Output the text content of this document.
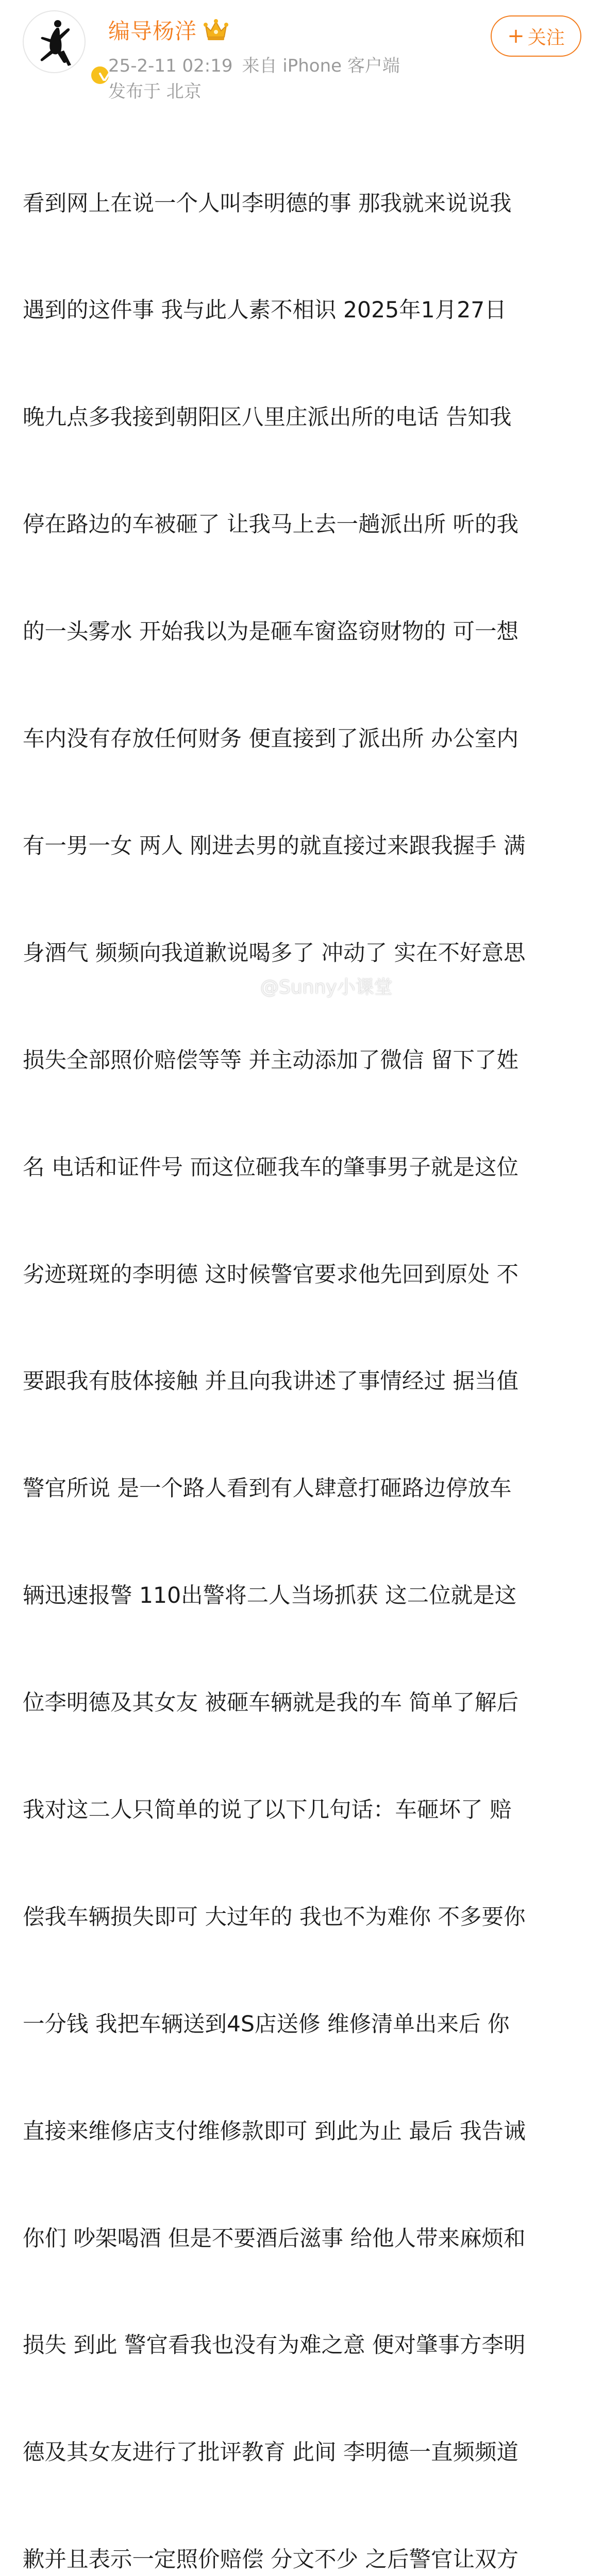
编导杨洋
25-2-11 02:19 来自 iPhone 客户端
发布于 北京
+ 关注

看到网上在说一个人叫李明德的事 那我就来说说我

遇到的这件事 我与此人素不相识 2025年1月27日

晚九点多我接到朝阳区八里庄派出所的电话 告知我

停在路边的车被砸了 让我马上去一趟派出所 听的我

的一头雾水 开始我以为是砸车窗盗窃财物的 可一想

车内没有存放任何财务 便直接到了派出所 办公室内

有一男一女 两人 刚进去男的就直接过来跟我握手 满

身酒气 频频向我道歉说喝多了 冲动了 实在不好意思

损失全部照价赔偿等等 并主动添加了微信 留下了姓

名 电话和证件号 而这位砸我车的肇事男子就是这位

劣迹斑斑的李明德 这时候警官要求他先回到原处 不

要跟我有肢体接触 并且向我讲述了事情经过 据当值

警官所说 是一个路人看到有人肆意打砸路边停放车

辆迅速报警 110出警将二人当场抓获 这二位就是这

位李明德及其女友 被砸车辆就是我的车 简单了解后

我对这二人只简单的说了以下几句话：车砸坏了 赔

偿我车辆损失即可 大过年的 我也不为难你 不多要你

一分钱 我把车辆送到4S店送修 维修清单出来后 你

直接来维修店支付维修款即可 到此为止 最后 我告诫

你们 吵架喝酒 但是不要酒后滋事 给他人带来麻烦和

损失 到此 警官看我也没有为难之意 便对肇事方李明

德及其女友进行了批评教育 此间 李明德一直频频道

歉并且表示一定照价赔偿 分文不少 之后警官让双方

@Sunny小课堂
